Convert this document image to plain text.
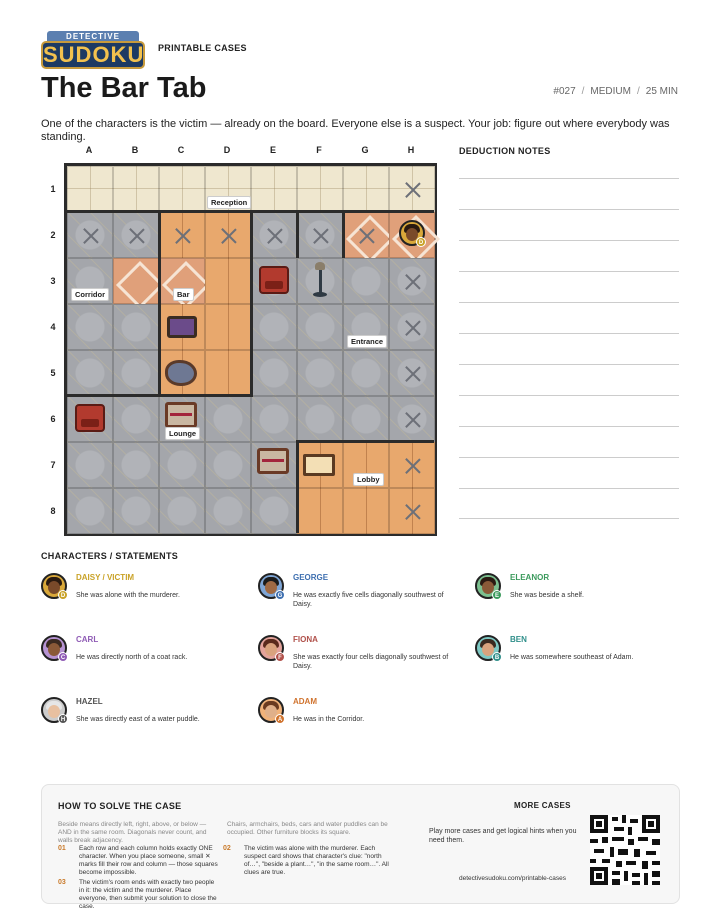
DETECTIVE
SUDOKU PRINTABLE CASES
The Bar Tab	#027 / MEDIUM / 25 MIN
One of the characters is the victim — already on the board. Everyone else is a suspect. Your job: figure out where everybody was standing.
A	B	C	D	E	F	G	H
1
2
3
4
5
6
7
8
D
Reception
Corridor	Bar
Entrance
Lounge
Lobby
DEDUCTION NOTES
CHARACTERS / STATEMENTS
D
DAISY / VICTIM
She was alone with the murderer.	G
GEORGE
He was exactly five cells diagonally southwest of Daisy.
E
ELEANOR
She was beside a shelf.
C
CARL
He was directly north of a coat rack.	F
FIONA
She was exactly four cells diagonally southwest of Daisy.
B
BEN
He was somewhere southeast of Adam.
H
HAZEL
She was directly east of a water puddle.	A
ADAM
He was in the Corridor.
HOW TO SOLVE THE CASE
Beside means directly left, right, above, or below — AND in the same room. Diagonals never count, and walls break adjacency.
Chairs, armchairs, beds, cars and water puddles can be occupied. Other furniture blocks its square.
01 Each row and each column holds exactly ONE character. When you place someone, small ✕ marks fill their row and column — those squares become impossible.
02 The victim was alone with the murderer. Each suspect card shows that character's clue: "north of…", "beside a plant…", "in the same room…". All clues are true.
03 The victim's room ends with exactly two people in it: the victim and the murderer. Place everyone, then submit your solution to close the case.
MORE CASES
Play more cases and get logical hints when you need them.
detectivesudoku.com/printable-cases
